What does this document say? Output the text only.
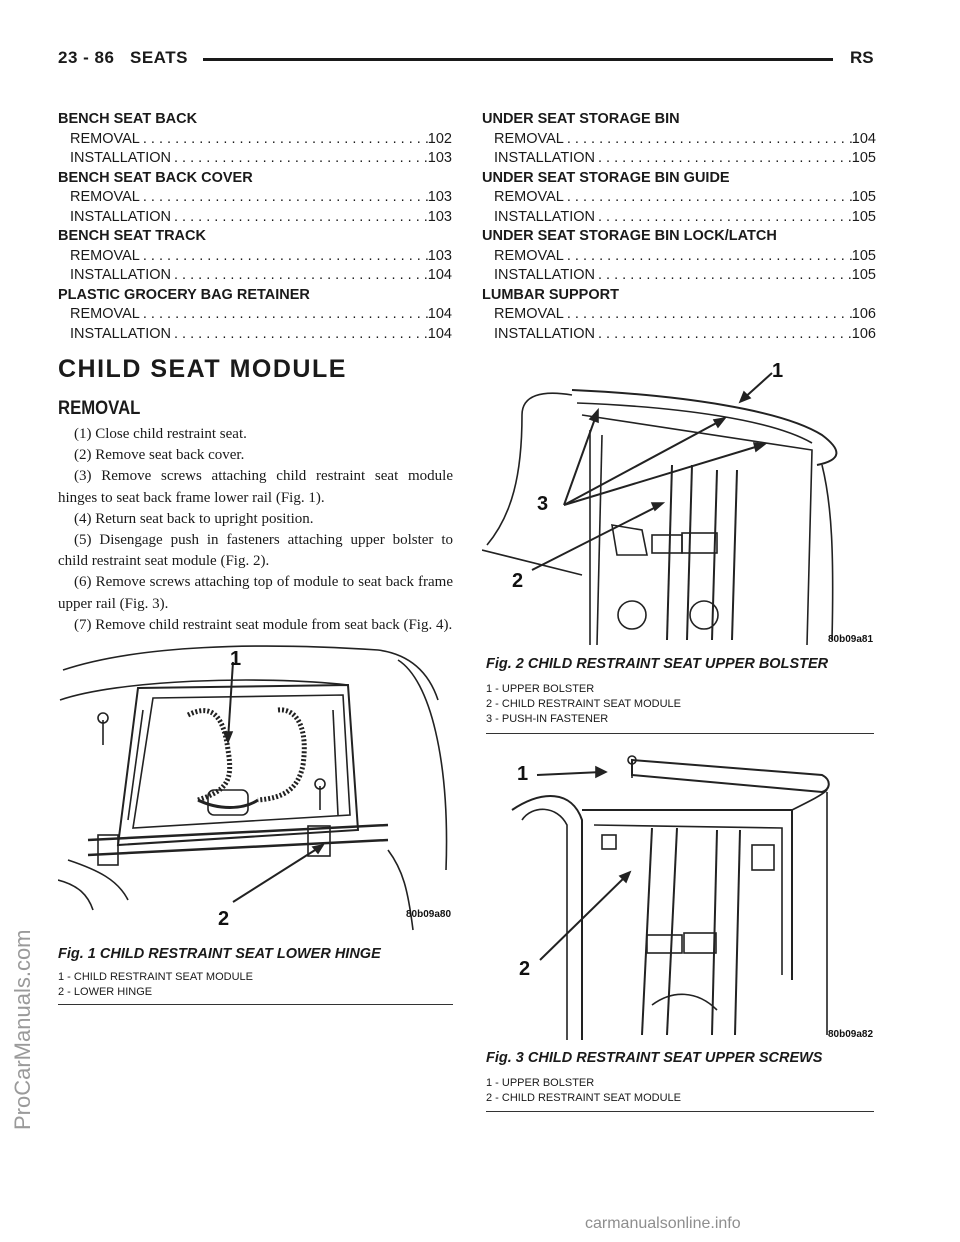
23 - 86 SEATS	RS
BENCH SEAT BACK
REMOVAL . . .	102
INSTALLATION . . .	103
BENCH SEAT BACK COVER
REMOVAL . . .	103
INSTALLATION . . .	103
BENCH SEAT TRACK
REMOVAL . . .	103
INSTALLATION . . .	104
PLASTIC GROCERY BAG RETAINER
REMOVAL . . .	104
INSTALLATION . . .	104
UNDER SEAT STORAGE BIN
REMOVAL . . .	104
INSTALLATION . . .	105
UNDER SEAT STORAGE BIN GUIDE
REMOVAL . . .	105
INSTALLATION . . .	105
UNDER SEAT STORAGE BIN LOCK/LATCH
REMOVAL . . .	105
INSTALLATION . . .	105
LUMBAR SUPPORT
REMOVAL . . .	106
INSTALLATION . . .	106
CHILD SEAT MODULE
REMOVAL

(1) Close child restraint seat.

(2) Remove seat back cover.

(3) Remove screws attaching child restraint seat module hinges to seat back frame lower rail (Fig. 1).

(4) Return seat back to upright position.

(5) Disengage push in fasteners attaching upper bolster to child restraint seat module (Fig. 2).

(6) Remove screws attaching top of module to seat back frame upper rail (Fig. 3).

(7) Remove child restraint seat module from seat back (Fig. 4).

1
2	80b09a80
Fig. 1 CHILD RESTRAINT SEAT LOWER HINGE
1 - CHILD RESTRAINT SEAT MODULE
2 - LOWER HINGE
1
2
3
80b09a81
Fig. 2 CHILD RESTRAINT SEAT UPPER BOLSTER
1 - UPPER BOLSTER
2 - CHILD RESTRAINT SEAT MODULE
3 - PUSH-IN FASTENER
1
2
80b09a82
Fig. 3 CHILD RESTRAINT SEAT UPPER SCREWS
1 - UPPER BOLSTER
2 - CHILD RESTRAINT SEAT MODULE
ProCarManuals.com
carmanualsonline.info
